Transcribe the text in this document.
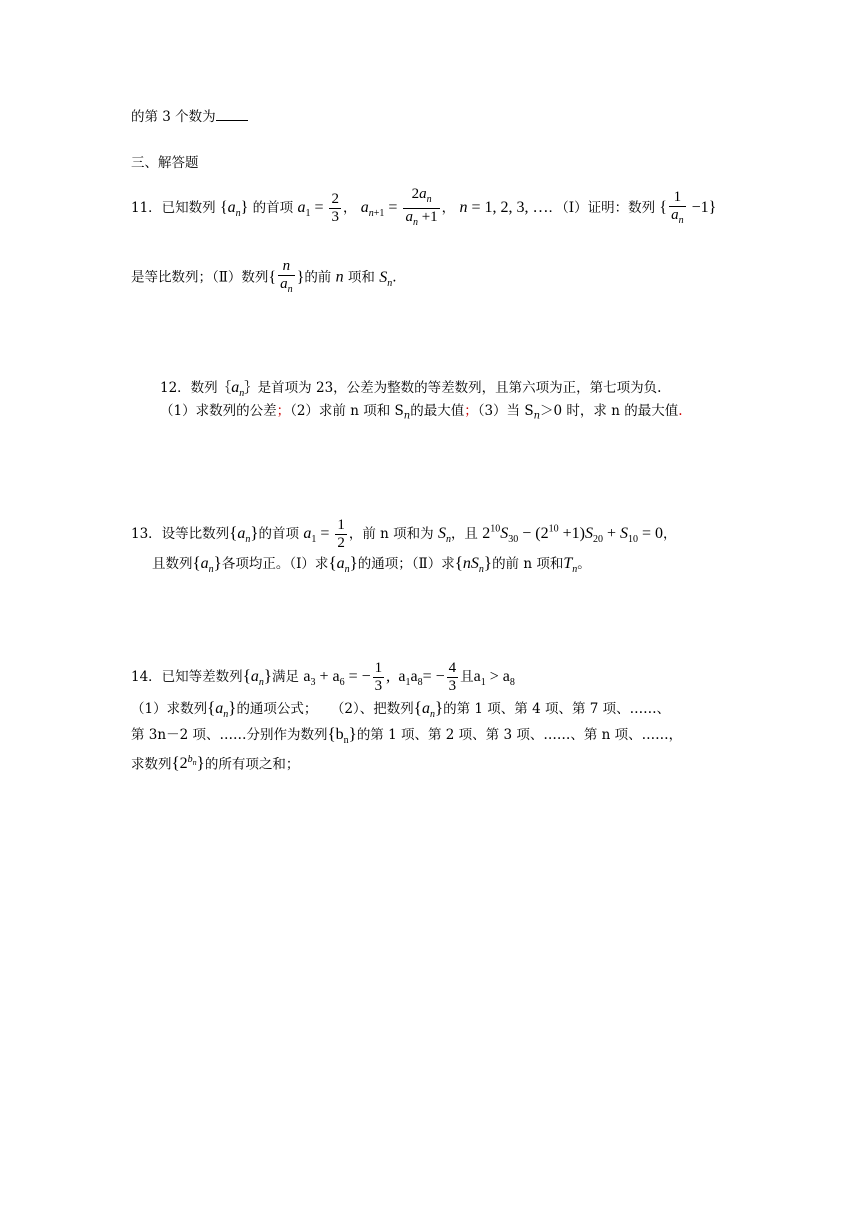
的第 3 个数为
三、解答题
11．已知数列 $\{a_n\}$ 的首项 $a_1 = \frac{2}{3}$ ， $a_{n+1} = \frac{2a_n}{a_n +1}$ ， n = 1, 2, 3, …．（Ⅰ）证明：数列 { $\frac{1}{a_n} -1$}
是等比数列；（Ⅱ）数列{ $\frac{n}{a_n}$ }的前 n 项和 $S_n$.
12．数列$\{a_n\}$是首项为 23，公差为整数的等差数列，且第六项为正，第七项为负.
（1）求数列的公差；（2）求前 n 项和 $S_n$的最大值；（3）当 $S_n>0$ 时，求 n 的最大值.
13．设等比数列$\{a_n\}$的首项 $a_1 = \frac{1}{2}$ ，前 n 项和为 $S_n$，且 $2^{10}S_{30} - (2^{10} +1)S_{20} + S_{10} = 0$，
且数列$\{a_n\}$各项均正。（Ⅰ）求$\{a_n\}$的通项；（Ⅱ）求$\{nS_n\}$的前 n 项和$T_n$。
14．已知等差数列$\{a_n\}$满足 $a_3 + a_6$ = − $\frac{1}{3}$ ,  $a_1a_8= - \frac{4}{3}$ 且$a_1 > a_8$
（1）求数列$\{a_n\}$的通项公式；　　（2）、把数列$\{a_n\}$的第 1 项、第 4 项、第 7 项、……、
第 3n－2 项、……分别作为数列$\{b_n\}$的第 1 项、第 2 项、第 3 项、……、第 n 项、……，
求数列$\{2^{b_n}\}$的所有项之和；
